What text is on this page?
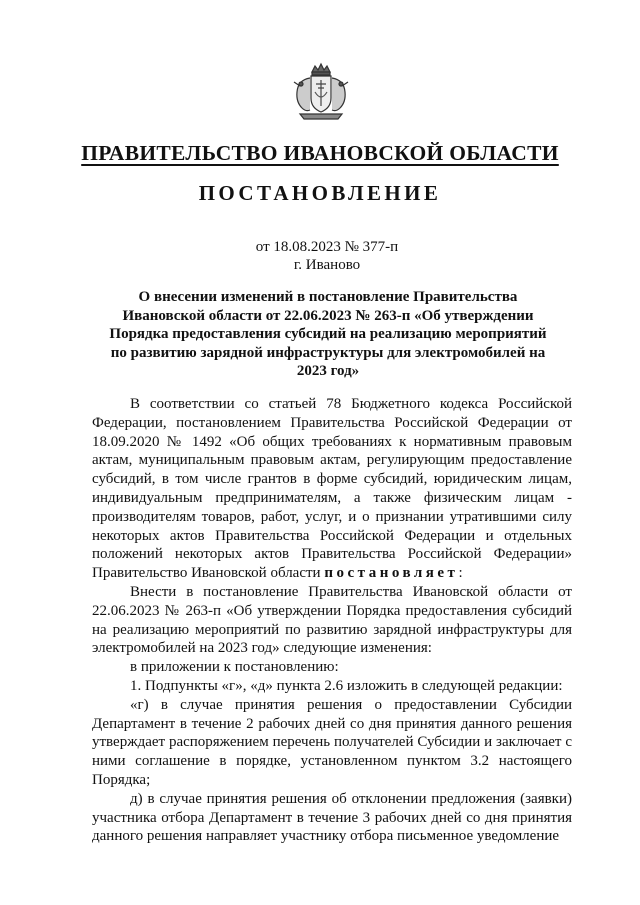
ПРАВИТЕЛЬСТВО ИВАНОВСКОЙ ОБЛАСТИ
ПОСТАНОВЛЕНИЕ
от 18.08.2023 № 377-п
г. Иваново
О внесении изменений в постановление Правительства Ивановской области от 22.06.2023 № 263-п «Об утверждении Порядка предоставления субсидий на реализацию мероприятий по развитию зарядной инфраструктуры для электромобилей на 2023 год»

В соответствии со статьей 78 Бюджетного кодекса Российской Федерации, постановлением Правительства Российской Федерации от 18.09.2020 № 1492 «Об общих требованиях к нормативным правовым актам, муниципальным правовым актам, регулирующим предоставление субсидий, в том числе грантов в форме субсидий, юридическим лицам, индивидуальным предпринимателям, а также физическим лицам - производителям товаров, работ, услуг, и о признании утратившими силу некоторых актов Правительства Российской Федерации и отдельных положений некоторых актов Правительства Российской Федерации» Правительство Ивановской области постановляет:

Внести в постановление Правительства Ивановской области от 22.06.2023 № 263-п «Об утверждении Порядка предоставления субсидий на реализацию мероприятий по развитию зарядной инфраструктуры для электромобилей на 2023 год» следующие изменения:

в приложении к постановлению:

1. Подпункты «г», «д» пункта 2.6 изложить в следующей редакции:

«г) в случае принятия решения о предоставлении Субсидии Департамент в течение 2 рабочих дней со дня принятия данного решения утверждает распоряжением перечень получателей Субсидии и заключает с ними соглашение в порядке, установленном пунктом 3.2 настоящего Порядка;

д) в случае принятия решения об отклонении предложения (заявки) участника отбора Департамент в течение 3 рабочих дней со дня принятия данного решения направляет участнику отбора письменное уведомление
